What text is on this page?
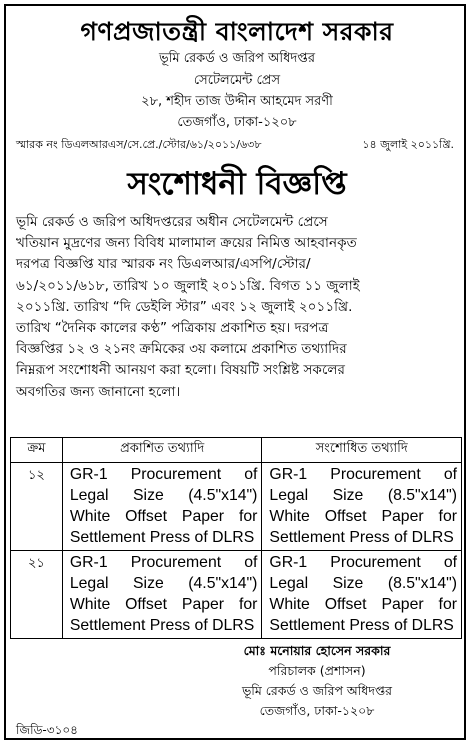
গণপ্রজাতন্ত্রী বাংলাদেশ সরকার
ভূমি রেকর্ড ও জরিপ অধিদপ্তর
সেটেলমেন্ট প্রেস
২৮, শহীদ তাজ উদ্দীন আহমেদ সরণী
তেজগাঁও, ঢাকা-১২০৮
স্মারক নং ডিএলআরএস/সে.প্রে./স্টোর/৬১/২০১১/৬৩৮	১৪ জুলাই ২০১১খ্রি.
সংশোধনী বিজ্ঞপ্তি
ভূমি রেকর্ড ও জরিপ অধিদপ্তরের অধীন সেটেলমেন্ট প্রেসে
খতিয়ান মুদ্রণের জন্য বিবিধ মালামাল ক্রয়ের নিমিত্ত আহবানকৃত
দরপত্র বিজ্ঞপ্তি যার স্মারক নং ডিএলআর/এসপি/স্টোর/
৬১/২০১১/৬১৮, তারিখ ১০ জুলাই ২০১১খ্রি. বিগত ১১ জুলাই
২০১১খ্রি. তারিখ “দি ডেইলি স্টার” এবং ১২ জুলাই ২০১১খ্রি.
তারিখ “দৈনিক কালের কণ্ঠ” পত্রিকায় প্রকাশিত হয়। দরপত্র
বিজ্ঞপ্তির ১২ ও ২১নং ক্রমিকের ৩য় কলামে প্রকাশিত তথ্যাদির
নিম্নরূপ সংশোধনী আনয়ণ করা হলো। বিষয়টি সংশ্লিষ্ট সকলের
অবগতির জন্য জানানো হলো।
ক্রম	প্রকাশিত তথ্যাদি	সংশোধিত তথ্যাদি
১২	GR-1 Procurement of Legal Size (4.5"x14") White Offset Paper for Settlement Press of DLRS	GR-1 Procurement of Legal Size (8.5"x14") White Offset Paper for Settlement Press of DLRS
২১	GR-1 Procurement of Legal Size (4.5"x14") White Offset Paper for Settlement Press of DLRS	GR-1 Procurement of Legal Size (8.5"x14") White Offset Paper for Settlement Press of DLRS
মোঃ মনোয়ার হোসেন সরকার
পরিচালক (প্রশাসন)
ভূমি রেকর্ড ও জরিপ অধিদপ্তর
তেজগাঁও, ঢাকা-১২০৮
জিডি-৩১০৪
